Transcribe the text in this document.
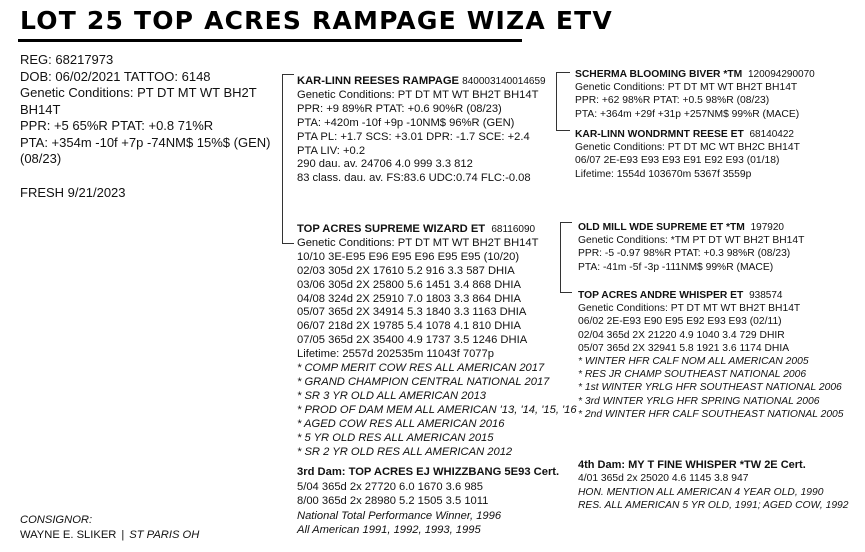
LOT 25 TOP ACRES RAMPAGE WIZA ETV
REG: 68217973
DOB: 06/02/2021 TATTOO: 6148
Genetic Conditions: PT DT MT WT BH2T BH14T
PPR: +5 65%R PTAT: +0.8 71%R
PTA: +354m -10f +7p -74NM$ 15%$ (GEN) (08/23)
FRESH 9/21/2023
KAR-LINN REESES RAMPAGE 840003140014659
Genetic Conditions: PT DT MT WT BH2T BH14T
PPR: +9 89%R PTAT: +0.6 90%R (08/23)
PTA: +420m -10f +9p -10NM$ 96%R (GEN)
PTA PL: +1.7 SCS: +3.01 DPR: -1.7 SCE: +2.4
PTA LIV: +0.2
290 dau. av. 24706 4.0 999 3.3 812
83 class. dau. av. FS:83.6 UDC:0.74 FLC:-0.08
SCHERMA BLOOMING BIVER *TM 120094290070
Genetic Conditions: PT DT MT WT BH2T BH14T
PPR: +62 98%R PTAT: +0.5 98%R (08/23)
PTA: +364m +29f +31p +257NM$ 99%R (MACE)
KAR-LINN WONDRMNT REESE ET 68140422
Genetic Conditions: PT DT MC WT BH2C BH14T
06/07 2E-E93 E93 E93 E91 E92 E93 (01/18)
Lifetime: 1554d 103670m 5367f 3559p
TOP ACRES SUPREME WIZARD ET 68116090
Genetic Conditions: PT DT MT WT BH2T BH14T
10/10 3E-E95 E96 E95 E96 E95 E95 (10/20)
02/03 305d 2X 17610 5.2 916 3.3 587 DHIA
03/06 305d 2X 25800 5.6 1451 3.4 868 DHIA
04/08 324d 2X 25910 7.0 1803 3.3 864 DHIA
05/07 365d 2X 34914 5.3 1840 3.3 1163 DHIA
06/07 218d 2X 19785 5.4 1078 4.1 810 DHIA
07/05 365d 2X 35400 4.9 1737 3.5 1246 DHIA
Lifetime: 2557d 202535m 11043f 7077p
* COMP MERIT COW RES ALL AMERICAN 2017
* GRAND CHAMPION CENTRAL NATIONAL 2017
* SR 3 YR OLD ALL AMERICAN 2013
* PROD OF DAM MEM ALL AMERICAN '13, '14, '15, '16
* AGED COW RES ALL AMERICAN 2016
* 5 YR OLD RES ALL AMERICAN 2015
* SR 2 YR OLD RES ALL AMERICAN 2012
OLD MILL WDE SUPREME ET *TM 197920
Genetic Conditions: *TM PT DT WT BH2T BH14T
PPR: -5 -0.97 98%R PTAT: +0.3 98%R (08/23)
PTA: -41m -5f -3p -111NM$ 99%R (MACE)
TOP ACRES ANDRE WHISPER ET 938574
Genetic Conditions: PT DT MT WT BH2T BH14T
06/02 2E-E93 E90 E95 E92 E93 E93 (02/11)
02/04 365d 2X 21220 4.9 1040 3.4 729 DHIR
05/07 365d 2X 32941 5.8 1921 3.6 1174 DHIA
* WINTER HFR CALF NOM ALL AMERICAN 2005
* RES JR CHAMP SOUTHEAST NATIONAL 2006
* 1st WINTER YRLG HFR SOUTHEAST NATIONAL 2006
* 3rd WINTER YRLG HFR SPRING NATIONAL 2006
* 2nd WINTER HFR CALF SOUTHEAST NATIONAL 2005
3rd Dam: TOP ACRES EJ WHIZZBANG 5E93 Cert.
5/04 365d 2x 27720 6.0 1670 3.6 985
8/00 365d 2x 28980 5.2 1505 3.5 1011
National Total Performance Winner, 1996
All American 1991, 1992, 1993, 1995
4th Dam: MY T FINE WHISPER *TW 2E Cert.
4/01 365d 2x 25020 4.6 1145 3.8 947
HON. MENTION ALL AMERICAN 4 YEAR OLD, 1990
RES. ALL AMERICAN 5 YR OLD, 1991; AGED COW, 1992
CONSIGNOR:
WAYNE E. SLIKER | ST PARIS OH
